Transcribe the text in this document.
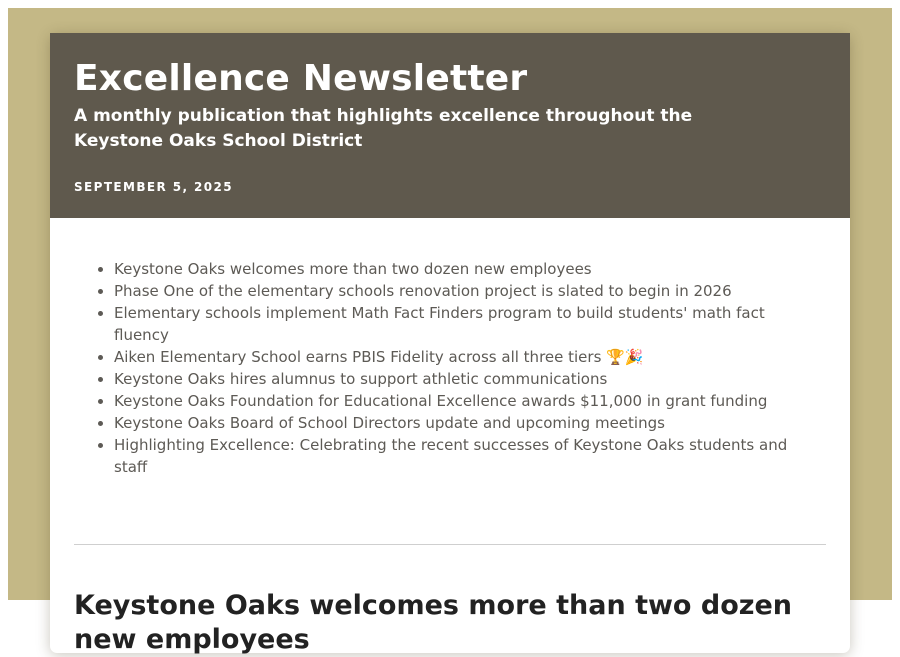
Excellence Newsletter

A monthly publication that highlights excellence throughout the Keystone Oaks School District

SEPTEMBER 5, 2025
• Keystone Oaks welcomes more than two dozen new employees
• Phase One of the elementary schools renovation project is slated to begin in 2026
• Elementary schools implement Math Fact Finders program to build students' math fact fluency
• Aiken Elementary School earns PBIS Fidelity across all three tiers 🏆🎉
• Keystone Oaks hires alumnus to support athletic communications
• Keystone Oaks Foundation for Educational Excellence awards $11,000 in grant funding
• Keystone Oaks Board of School Directors update and upcoming meetings
• Highlighting Excellence: Celebrating the recent successes of Keystone Oaks students and staff
Keystone Oaks welcomes more than two dozen new employees
